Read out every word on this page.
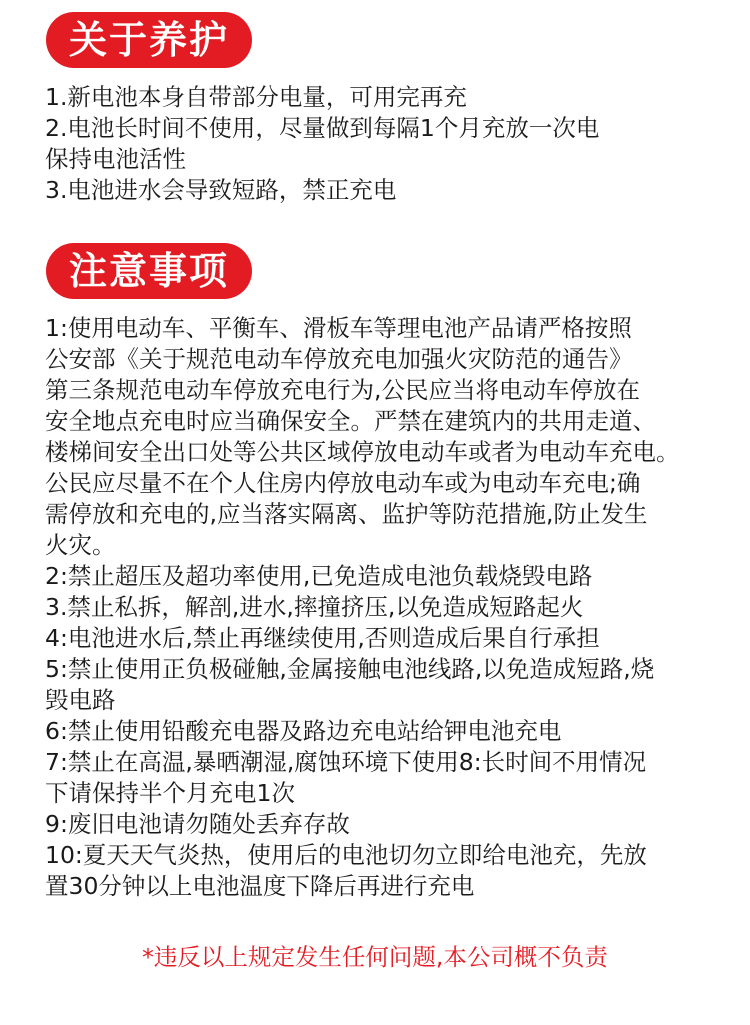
关于养护

1.新电池本身自带部分电量，可用完再充

2.电池长时间不使用，尽量做到每隔1个月充放一次电
保持电池活性

3.电池进水会导致短路，禁正充电

注意事项

1:使用电动车、平衡车、滑板车等理电池产品请严格按照
公安部《关于规范电动车停放充电加强火灾防范的通告》
第三条规范电动车停放充电行为,公民应当将电动车停放在
安全地点充电时应当确保安全。严禁在建筑内的共用走道、
楼梯间安全出口处等公共区域停放电动车或者为电动车充电。
公民应尽量不在个人住房内停放电动车或为电动车充电;确
需停放和充电的,应当落实隔离、监护等防范措施,防止发生
火灾。

2:禁止超压及超功率使用,已免造成电池负载烧毁电路

3.禁止私拆，解剖,进水,摔撞挤压,以免造成短路起火

4:电池进水后,禁止再继续使用,否则造成后果自行承担

5:禁止使用正负极碰触,金属接触电池线路,以免造成短路,烧
毁电路

6:禁止使用铅酸充电器及路边充电站给钾电池充电

7:禁止在高温,暴晒潮湿,腐蚀环境下使用8:长时间不用情况
下请保持半个月充电1次

9:废旧电池请勿随处丢弃存故

10:夏天天气炎热，使用后的电池切勿立即给电池充，先放
置30分钟以上电池温度下降后再进行充电

*违反以上规定发生任何问题,本公司概不负责
